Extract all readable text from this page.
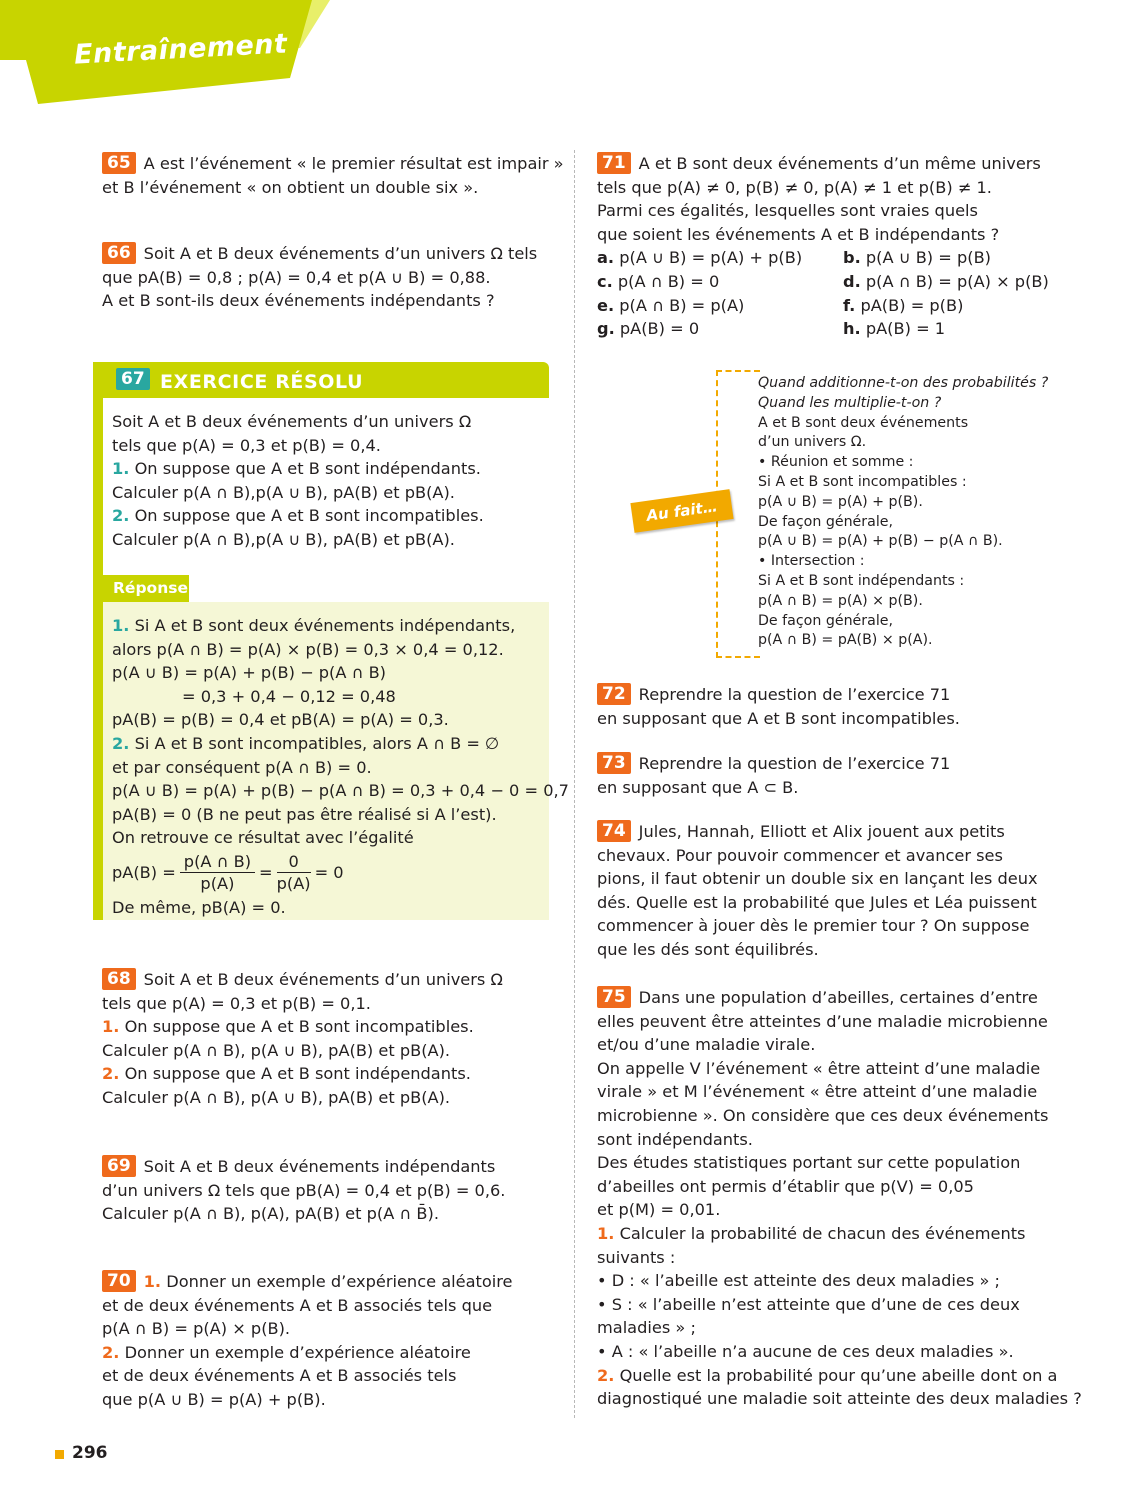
Entraînement
65 A est l’événement « le premier résultat est impair »
et B l’événement « on obtient un double six ».
66 Soit A et B deux événements d’un univers Ω tels
que pA(B) = 0,8 ; p(A) = 0,4 et p(A ∪ B) = 0,88.
A et B sont-ils deux événements indépendants ?
67 EXERCICE RÉSOLU
Soit A et B deux événements d’un univers Ω
tels que p(A) = 0,3 et p(B) = 0,4.
1. On suppose que A et B sont indépendants.
Calculer p(A ∩ B),p(A ∪ B), pA(B) et pB(A).
2. On suppose que A et B sont incompatibles.
Calculer p(A ∩ B),p(A ∪ B), pA(B) et pB(A).
Réponse
1. Si A et B sont deux événements indépendants,
alors p(A ∩ B) = p(A) × p(B) = 0,3 × 0,4 = 0,12.
p(A ∪ B) = p(A) + p(B) − p(A ∩ B)
= 0,3 + 0,4 − 0,12 = 0,48
pA(B) = p(B) = 0,4 et pB(A) = p(A) = 0,3.
2. Si A et B sont incompatibles, alors A ∩ B = ∅
et par conséquent p(A ∩ B) = 0.
p(A ∪ B) = p(A) + p(B) − p(A ∩ B) = 0,3 + 0,4 − 0 = 0,7
pA(B) = 0 (B ne peut pas être réalisé si A l’est).
On retrouve ce résultat avec l’égalité
$pA(B) = \frac{p(A \cap B)}{p(A)} = \frac{0}{p(A)} = 0$
De même, pB(A) = 0.
68 Soit A et B deux événements d’un univers Ω
tels que p(A) = 0,3 et p(B) = 0,1.
1. On suppose que A et B sont incompatibles.
Calculer p(A ∩ B), p(A ∪ B), pA(B) et pB(A).
2. On suppose que A et B sont indépendants.
Calculer p(A ∩ B), p(A ∪ B), pA(B) et pB(A).
69 Soit A et B deux événements indépendants
d’un univers Ω tels que pB(A) = 0,4 et p(B) = 0,6.
Calculer p(A ∩ B), p(A), pA(B) et p(A ∩ B̄).
70 1. Donner un exemple d’expérience aléatoire
et de deux événements A et B associés tels que
p(A ∩ B) = p(A) × p(B).
2. Donner un exemple d’expérience aléatoire
et de deux événements A et B associés tels
que p(A ∪ B) = p(A) + p(B).
71 A et B sont deux événements d’un même univers
tels que p(A) ≠ 0, p(B) ≠ 0, p(A) ≠ 1 et p(B) ≠ 1.
Parmi ces égalités, lesquelles sont vraies quels
que soient les événements A et B indépendants ?
a. p(A ∪ B) = p(A) + p(B)	b. p(A ∪ B) = p(B)
c. p(A ∩ B) = 0	d. p(A ∩ B) = p(A) × p(B)
e. p(A ∩ B) = p(A)	f. pA(B) = p(B)
g. pA(B) = 0	h. pA(B) = 1
Au fait…
Quand additionne-t-on des probabilités ?
Quand les multiplie-t-on ?
A et B sont deux événements
d’un univers Ω.
• Réunion et somme :
Si A et B sont incompatibles :
p(A ∪ B) = p(A) + p(B).
De façon générale,
p(A ∪ B) = p(A) + p(B) − p(A ∩ B).
• Intersection :
Si A et B sont indépendants :
p(A ∩ B) = p(A) × p(B).
De façon générale,
p(A ∩ B) = pA(B) × p(A).
72 Reprendre la question de l’exercice 71
en supposant que A et B sont incompatibles.
73 Reprendre la question de l’exercice 71
en supposant que A ⊂ B.
74 Jules, Hannah, Elliott et Alix jouent aux petits
chevaux. Pour pouvoir commencer et avancer ses
pions, il faut obtenir un double six en lançant les deux
dés. Quelle est la probabilité que Jules et Léa puissent
commencer à jouer dès le premier tour ? On suppose
que les dés sont équilibrés.
75 Dans une population d’abeilles, certaines d’entre
elles peuvent être atteintes d’une maladie microbienne
et/ou d’une maladie virale.
On appelle V l’événement « être atteint d’une maladie
virale » et M l’événement « être atteint d’une maladie
microbienne ». On considère que ces deux événements
sont indépendants.
Des études statistiques portant sur cette population
d’abeilles ont permis d’établir que p(V) = 0,05
et p(M) = 0,01.
1. Calculer la probabilité de chacun des événements
suivants :
• D : « l’abeille est atteinte des deux maladies » ;
• S : « l’abeille n’est atteinte que d’une de ces deux
maladies » ;
• A : « l’abeille n’a aucune de ces deux maladies ».
2. Quelle est la probabilité pour qu’une abeille dont on a
diagnostiqué une maladie soit atteinte des deux maladies ?
296
